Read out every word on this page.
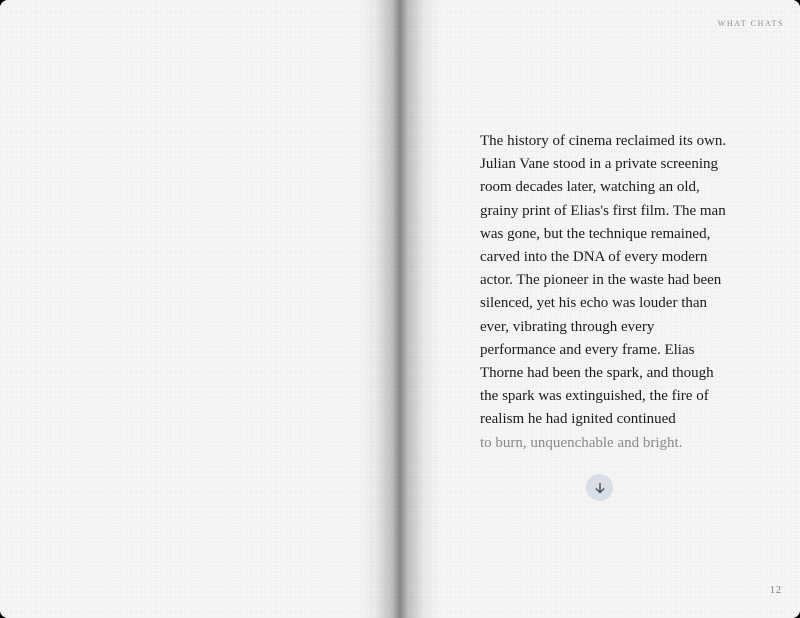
WHAT CHATS

The history of cinema reclaimed its own. Julian Vane stood in a private screening room decades later, watching an old, grainy print of Elias's first film. The man was gone, but the technique remained, carved into the DNA of every modern actor. The pioneer in the waste had been silenced, yet his echo was louder than ever, vibrating through every performance and every frame. Elias Thorne had been the spark, and though the spark was extinguished, the fire of realism he had ignited continued

to burn, unquenchable and bright.

12
